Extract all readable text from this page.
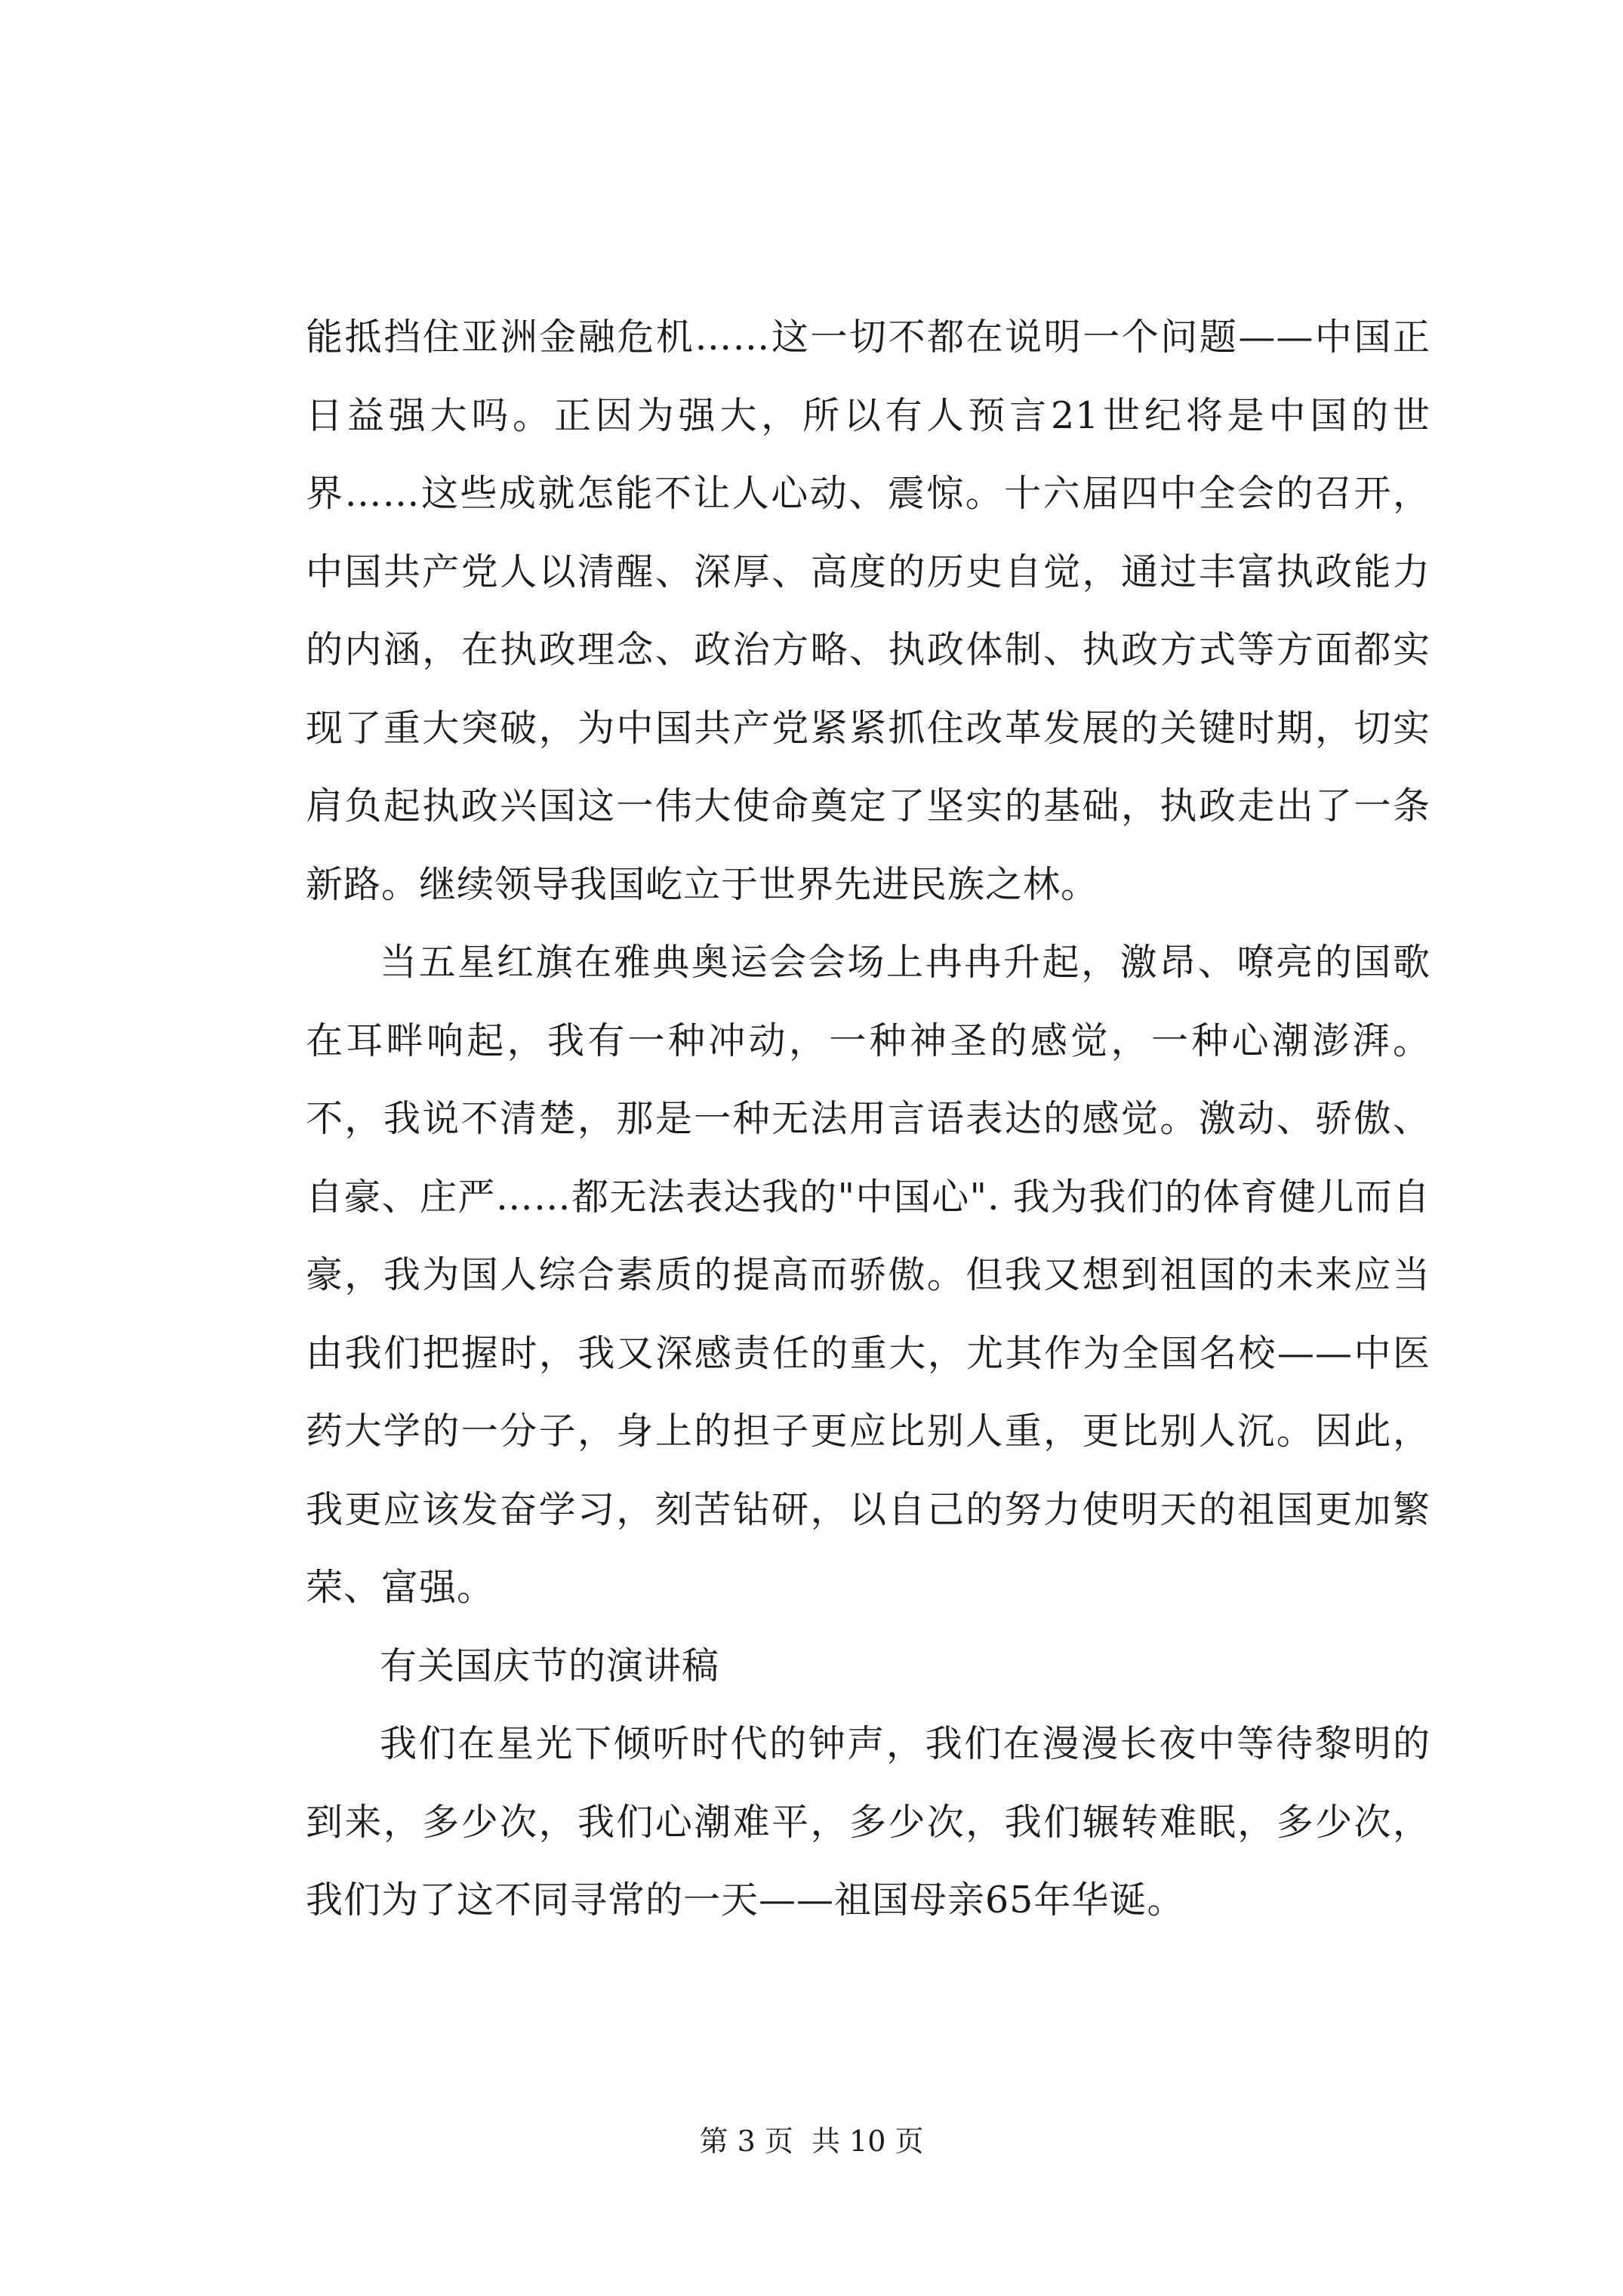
能抵挡住亚洲金融危机……这一切不都在说明一个问题——中国正日益强大吗。正因为强大，所以有人预言21世纪将是中国的世界……这些成就怎能不让人心动、震惊。十六届四中全会的召开，中国共产党人以清醒、深厚、高度的历史自觉，通过丰富执政能力的内涵，在执政理念、政治方略、执政体制、执政方式等方面都实现了重大突破，为中国共产党紧紧抓住改革发展的关键时期，切实肩负起执政兴国这一伟大使命奠定了坚实的基础，执政走出了一条新路。继续领导我国屹立于世界先进民族之林。

当五星红旗在雅典奥运会会场上冉冉升起，激昂、嘹亮的国歌在耳畔响起，我有一种冲动，一种神圣的感觉，一种心潮澎湃。不，我说不清楚，那是一种无法用言语表达的感觉。激动、骄傲、自豪、庄严……都无法表达我的"中国心". 我为我们的体育健儿而自豪，我为国人综合素质的提高而骄傲。但我又想到祖国的未来应当由我们把握时，我又深感责任的重大，尤其作为全国名校——中医药大学的一分子，身上的担子更应比别人重，更比别人沉。因此，我更应该发奋学习，刻苦钻研，以自己的努力使明天的祖国更加繁荣、富强。

有关国庆节的演讲稿

我们在星光下倾听时代的钟声，我们在漫漫长夜中等待黎明的到来，多少次，我们心潮难平，多少次，我们辗转难眠，多少次，我们为了这不同寻常的一天——祖国母亲65年华诞。

第 3 页  共 10 页
